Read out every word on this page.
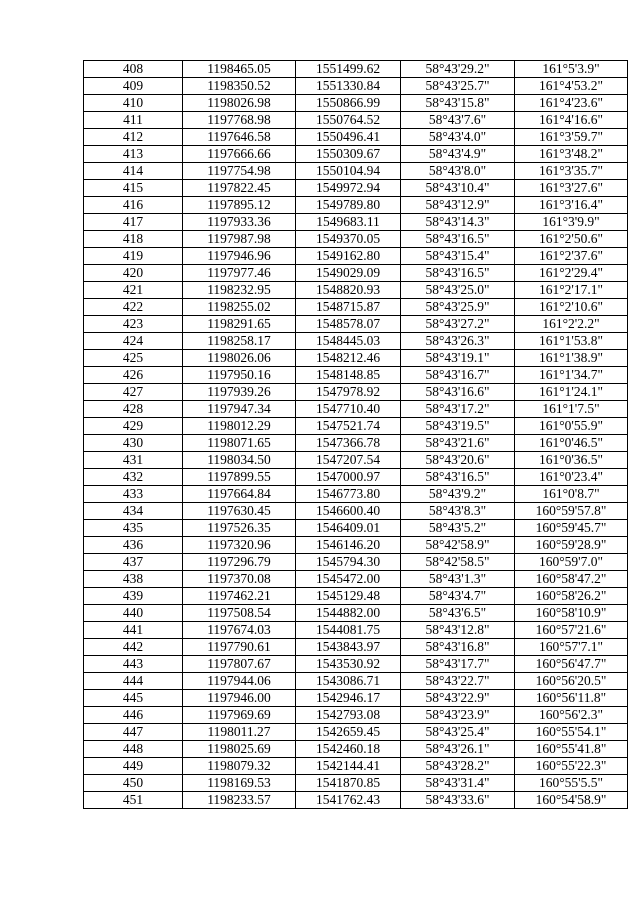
408	1198465.05	1551499.62	58°43'29.2"	161°5'3.9"
409	1198350.52	1551330.84	58°43'25.7"	161°4'53.2"
410	1198026.98	1550866.99	58°43'15.8"	161°4'23.6"
411	1197768.98	1550764.52	58°43'7.6"	161°4'16.6"
412	1197646.58	1550496.41	58°43'4.0"	161°3'59.7"
413	1197666.66	1550309.67	58°43'4.9"	161°3'48.2"
414	1197754.98	1550104.94	58°43'8.0"	161°3'35.7"
415	1197822.45	1549972.94	58°43'10.4"	161°3'27.6"
416	1197895.12	1549789.80	58°43'12.9"	161°3'16.4"
417	1197933.36	1549683.11	58°43'14.3"	161°3'9.9"
418	1197987.98	1549370.05	58°43'16.5"	161°2'50.6"
419	1197946.96	1549162.80	58°43'15.4"	161°2'37.6"
420	1197977.46	1549029.09	58°43'16.5"	161°2'29.4"
421	1198232.95	1548820.93	58°43'25.0"	161°2'17.1"
422	1198255.02	1548715.87	58°43'25.9"	161°2'10.6"
423	1198291.65	1548578.07	58°43'27.2"	161°2'2.2"
424	1198258.17	1548445.03	58°43'26.3"	161°1'53.8"
425	1198026.06	1548212.46	58°43'19.1"	161°1'38.9"
426	1197950.16	1548148.85	58°43'16.7"	161°1'34.7"
427	1197939.26	1547978.92	58°43'16.6"	161°1'24.1"
428	1197947.34	1547710.40	58°43'17.2"	161°1'7.5"
429	1198012.29	1547521.74	58°43'19.5"	161°0'55.9"
430	1198071.65	1547366.78	58°43'21.6"	161°0'46.5"
431	1198034.50	1547207.54	58°43'20.6"	161°0'36.5"
432	1197899.55	1547000.97	58°43'16.5"	161°0'23.4"
433	1197664.84	1546773.80	58°43'9.2"	161°0'8.7"
434	1197630.45	1546600.40	58°43'8.3"	160°59'57.8"
435	1197526.35	1546409.01	58°43'5.2"	160°59'45.7"
436	1197320.96	1546146.20	58°42'58.9"	160°59'28.9"
437	1197296.79	1545794.30	58°42'58.5"	160°59'7.0"
438	1197370.08	1545472.00	58°43'1.3"	160°58'47.2"
439	1197462.21	1545129.48	58°43'4.7"	160°58'26.2"
440	1197508.54	1544882.00	58°43'6.5"	160°58'10.9"
441	1197674.03	1544081.75	58°43'12.8"	160°57'21.6"
442	1197790.61	1543843.97	58°43'16.8"	160°57'7.1"
443	1197807.67	1543530.92	58°43'17.7"	160°56'47.7"
444	1197944.06	1543086.71	58°43'22.7"	160°56'20.5"
445	1197946.00	1542946.17	58°43'22.9"	160°56'11.8"
446	1197969.69	1542793.08	58°43'23.9"	160°56'2.3"
447	1198011.27	1542659.45	58°43'25.4"	160°55'54.1"
448	1198025.69	1542460.18	58°43'26.1"	160°55'41.8"
449	1198079.32	1542144.41	58°43'28.2"	160°55'22.3"
450	1198169.53	1541870.85	58°43'31.4"	160°55'5.5"
451	1198233.57	1541762.43	58°43'33.6"	160°54'58.9"
